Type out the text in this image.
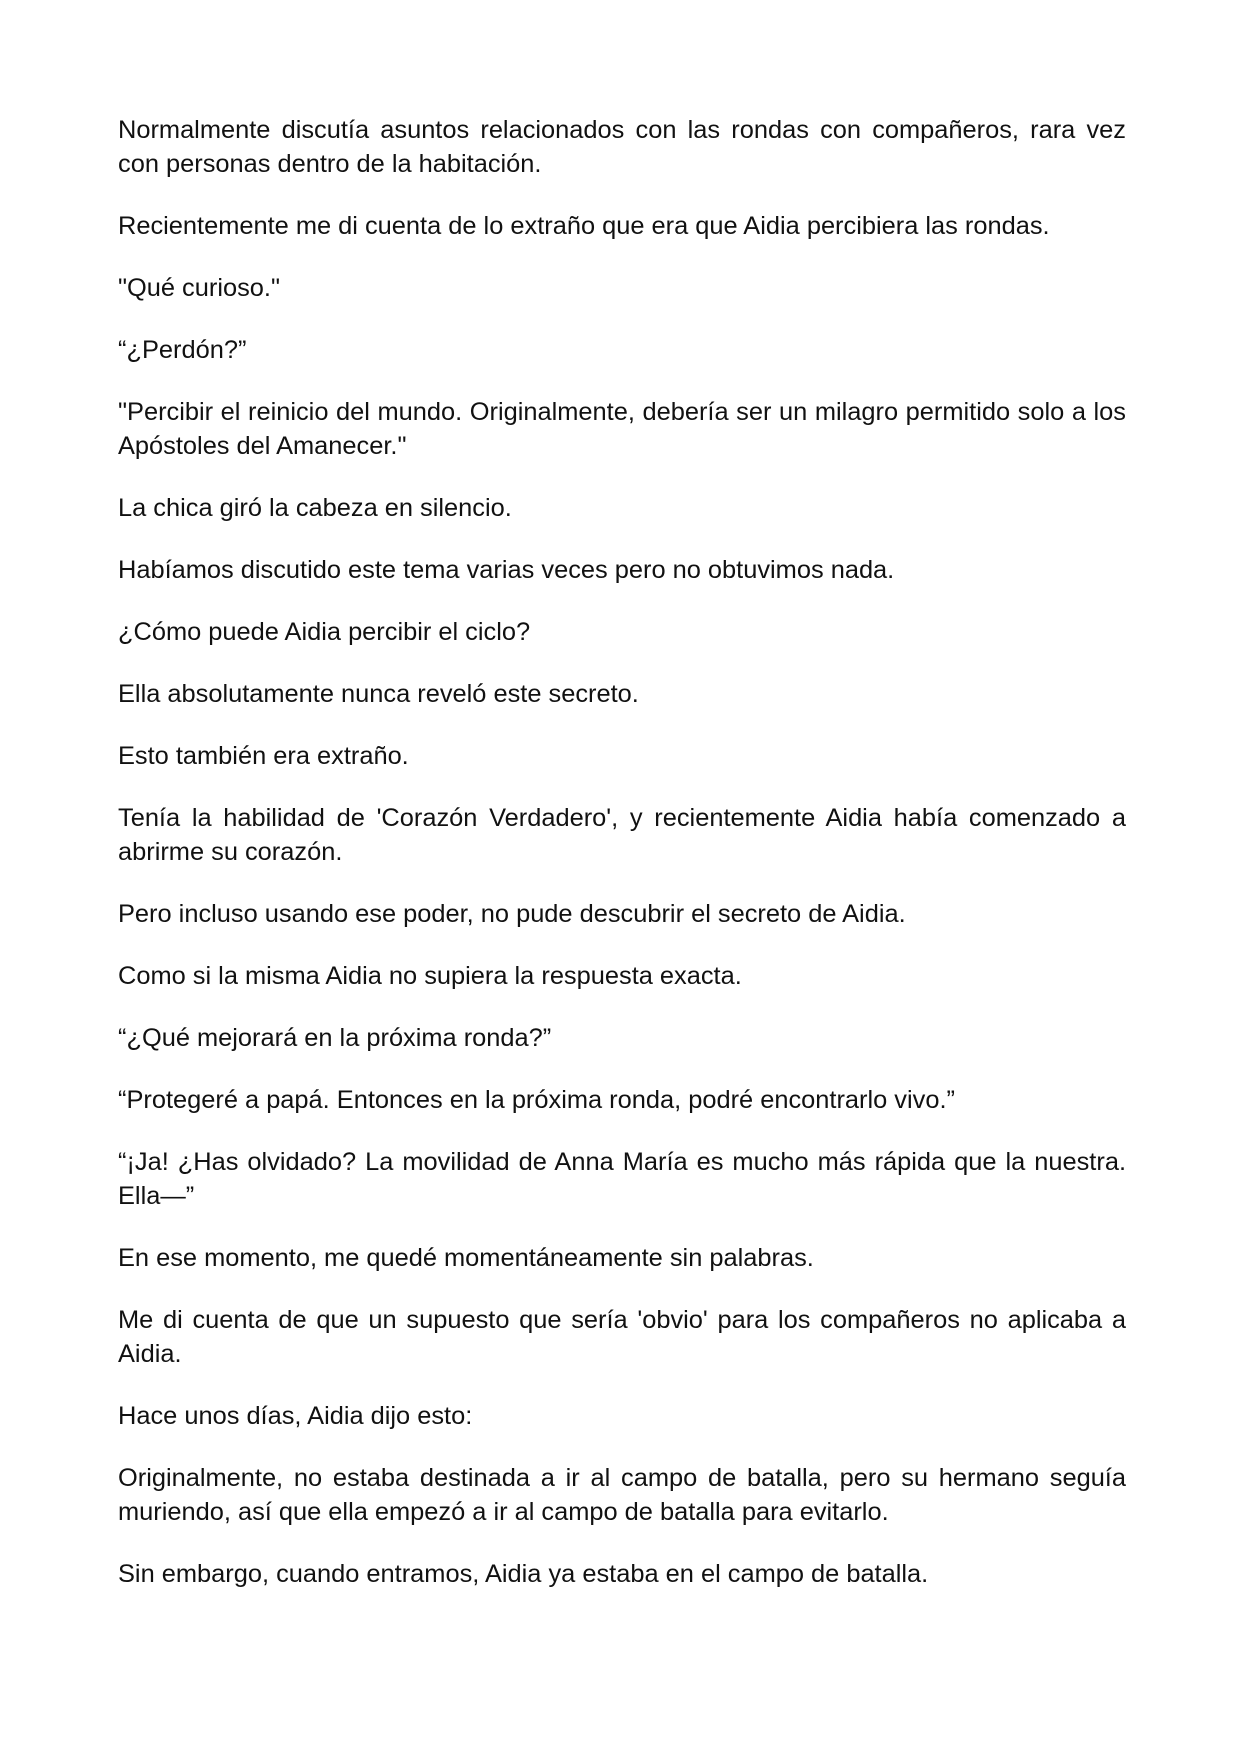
Normalmente discutía asuntos relacionados con las rondas con compañeros, rara vez con personas dentro de la habitación.

Recientemente me di cuenta de lo extraño que era que Aidia percibiera las rondas.

"Qué curioso."

“¿Perdón?”

"Percibir el reinicio del mundo. Originalmente, debería ser un milagro permitido solo a los Apóstoles del Amanecer."

La chica giró la cabeza en silencio.

Habíamos discutido este tema varias veces pero no obtuvimos nada.

¿Cómo puede Aidia percibir el ciclo?

Ella absolutamente nunca reveló este secreto.

Esto también era extraño.

Tenía la habilidad de 'Corazón Verdadero', y recientemente Aidia había comenzado a abrirme su corazón.

Pero incluso usando ese poder, no pude descubrir el secreto de Aidia.

Como si la misma Aidia no supiera la respuesta exacta.

“¿Qué mejorará en la próxima ronda?”

“Protegeré a papá. Entonces en la próxima ronda, podré encontrarlo vivo.”

“¡Ja! ¿Has olvidado? La movilidad de Anna María es mucho más rápida que la nuestra. Ella—”

En ese momento, me quedé momentáneamente sin palabras.

Me di cuenta de que un supuesto que sería 'obvio' para los compañeros no aplicaba a Aidia.

Hace unos días, Aidia dijo esto:

Originalmente, no estaba destinada a ir al campo de batalla, pero su hermano seguía muriendo, así que ella empezó a ir al campo de batalla para evitarlo.

Sin embargo, cuando entramos, Aidia ya estaba en el campo de batalla.
